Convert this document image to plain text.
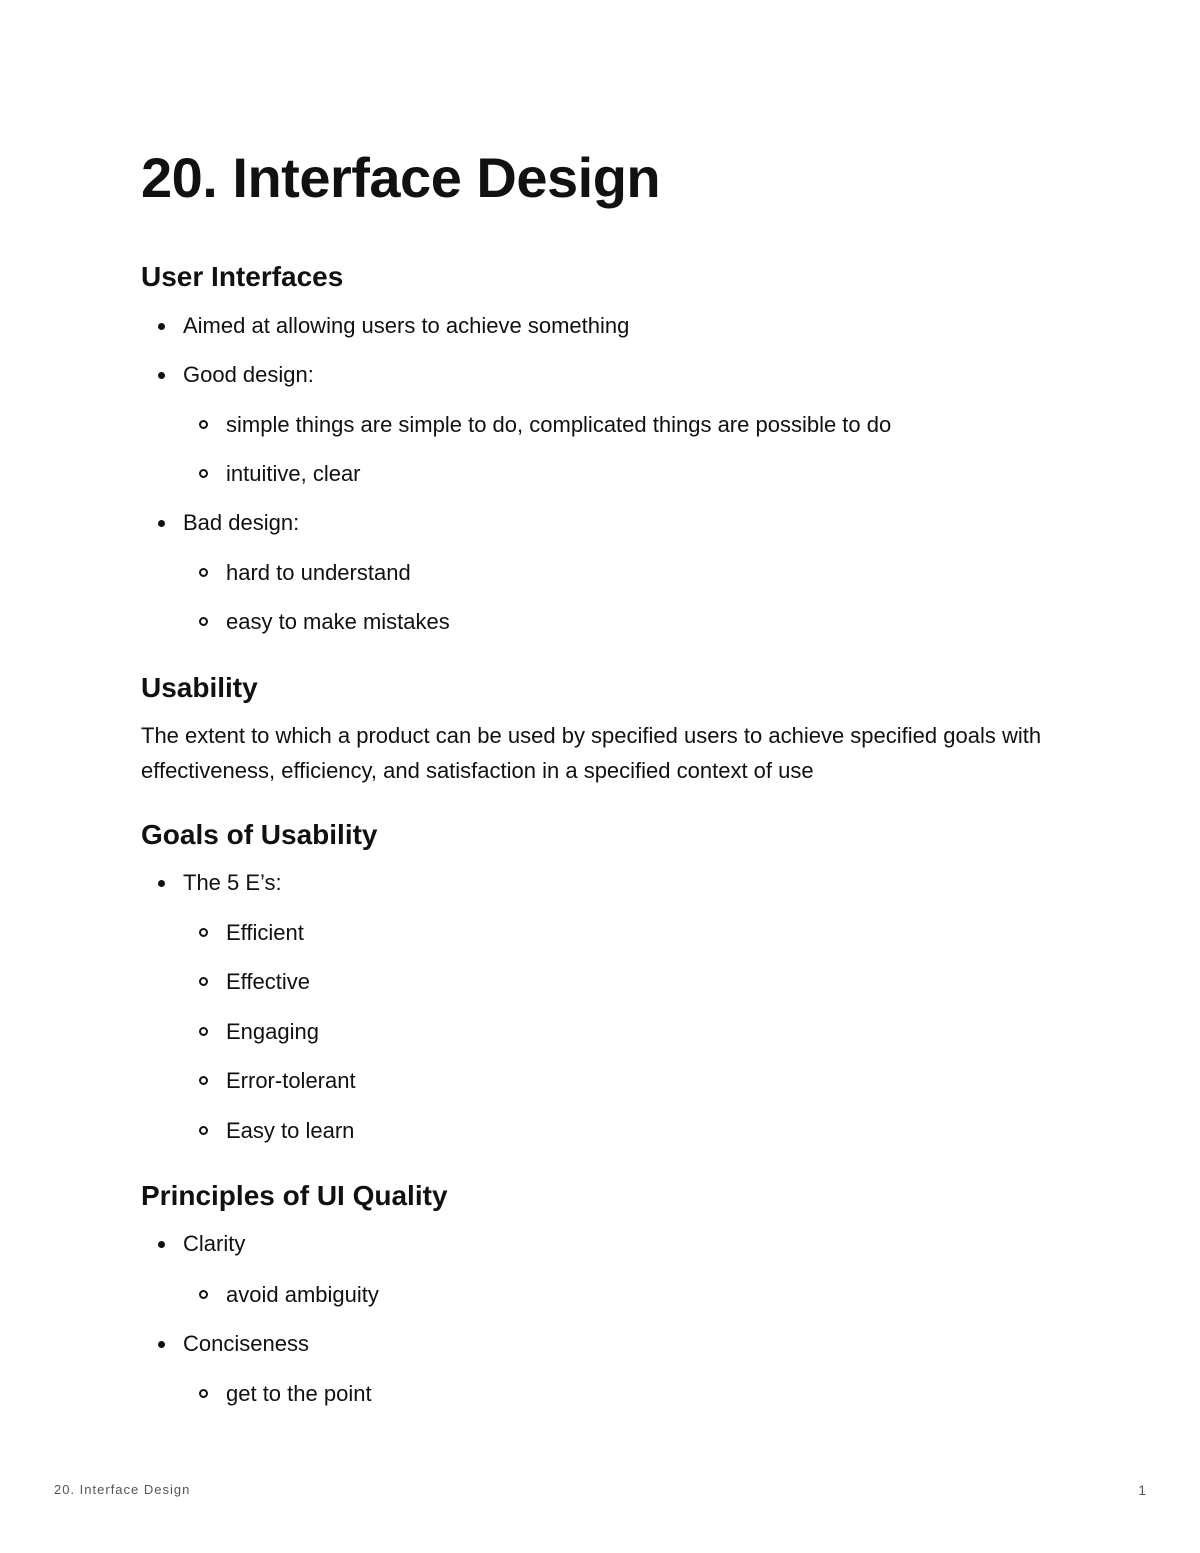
20. Interface Design
User Interfaces
Aimed at allowing users to achieve something
Good design:
simple things are simple to do, complicated things are possible to do
intuitive, clear
Bad design:
hard to understand
easy to make mistakes
Usability

The extent to which a product can be used by specified users to achieve specified goals with effectiveness, efficiency, and satisfaction in a specified context of use

Goals of Usability
The 5 E’s:
Efficient
Effective
Engaging
Error-tolerant
Easy to learn
Principles of UI Quality
Clarity
avoid ambiguity
Conciseness
get to the point
20. Interface Design	1
